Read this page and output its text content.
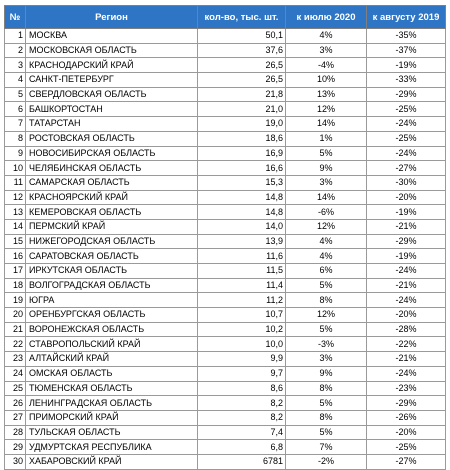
№	Регион	кол-во, тыс. шт.	к июлю 2020	к августу 2019
1	МОСКВА	50,1	4%	-35%
2	МОСКОВСКАЯ ОБЛАСТЬ	37,6	3%	-37%
3	КРАСНОДАРСКИЙ КРАЙ	26,5	-4%	-19%
4	САНКТ-ПЕТЕРБУРГ	26,5	10%	-33%
5	СВЕРДЛОВСКАЯ ОБЛАСТЬ	21,8	13%	-29%
6	БАШКОРТОСТАН	21,0	12%	-25%
7	ТАТАРСТАН	19,0	14%	-24%
8	РОСТОВСКАЯ ОБЛАСТЬ	18,6	1%	-25%
9	НОВОСИБИРСКАЯ ОБЛАСТЬ	16,9	5%	-24%
10	ЧЕЛЯБИНСКАЯ ОБЛАСТЬ	16,6	9%	-27%
11	САМАРСКАЯ ОБЛАСТЬ	15,3	3%	-30%
12	КРАСНОЯРСКИЙ КРАЙ	14,8	14%	-20%
13	КЕМЕРОВСКАЯ ОБЛАСТЬ	14,8	-6%	-19%
14	ПЕРМСКИЙ КРАЙ	14,0	12%	-21%
15	НИЖЕГОРОДСКАЯ ОБЛАСТЬ	13,9	4%	-29%
16	САРАТОВСКАЯ ОБЛАСТЬ	11,6	4%	-19%
17	ИРКУТСКАЯ ОБЛАСТЬ	11,5	6%	-24%
18	ВОЛГОГРАДСКАЯ ОБЛАСТЬ	11,4	5%	-21%
19	ЮГРА	11,2	8%	-24%
20	ОРЕНБУРГСКАЯ ОБЛАСТЬ	10,7	12%	-20%
21	ВОРОНЕЖСКАЯ ОБЛАСТЬ	10,2	5%	-28%
22	СТАВРОПОЛЬСКИЙ КРАЙ	10,0	-3%	-22%
23	АЛТАЙСКИЙ КРАЙ	9,9	3%	-21%
24	ОМСКАЯ ОБЛАСТЬ	9,7	9%	-24%
25	ТЮМЕНСКАЯ ОБЛАСТЬ	8,6	8%	-23%
26	ЛЕНИНГРАДСКАЯ ОБЛАСТЬ	8,2	5%	-29%
27	ПРИМОРСКИЙ КРАЙ	8,2	8%	-26%
28	ТУЛЬСКАЯ ОБЛАСТЬ	7,4	5%	-20%
29	УДМУРТСКАЯ РЕСПУБЛИКА	6,8	7%	-25%
30	ХАБАРОВСКИЙ КРАЙ	6781	-2%	-27%
